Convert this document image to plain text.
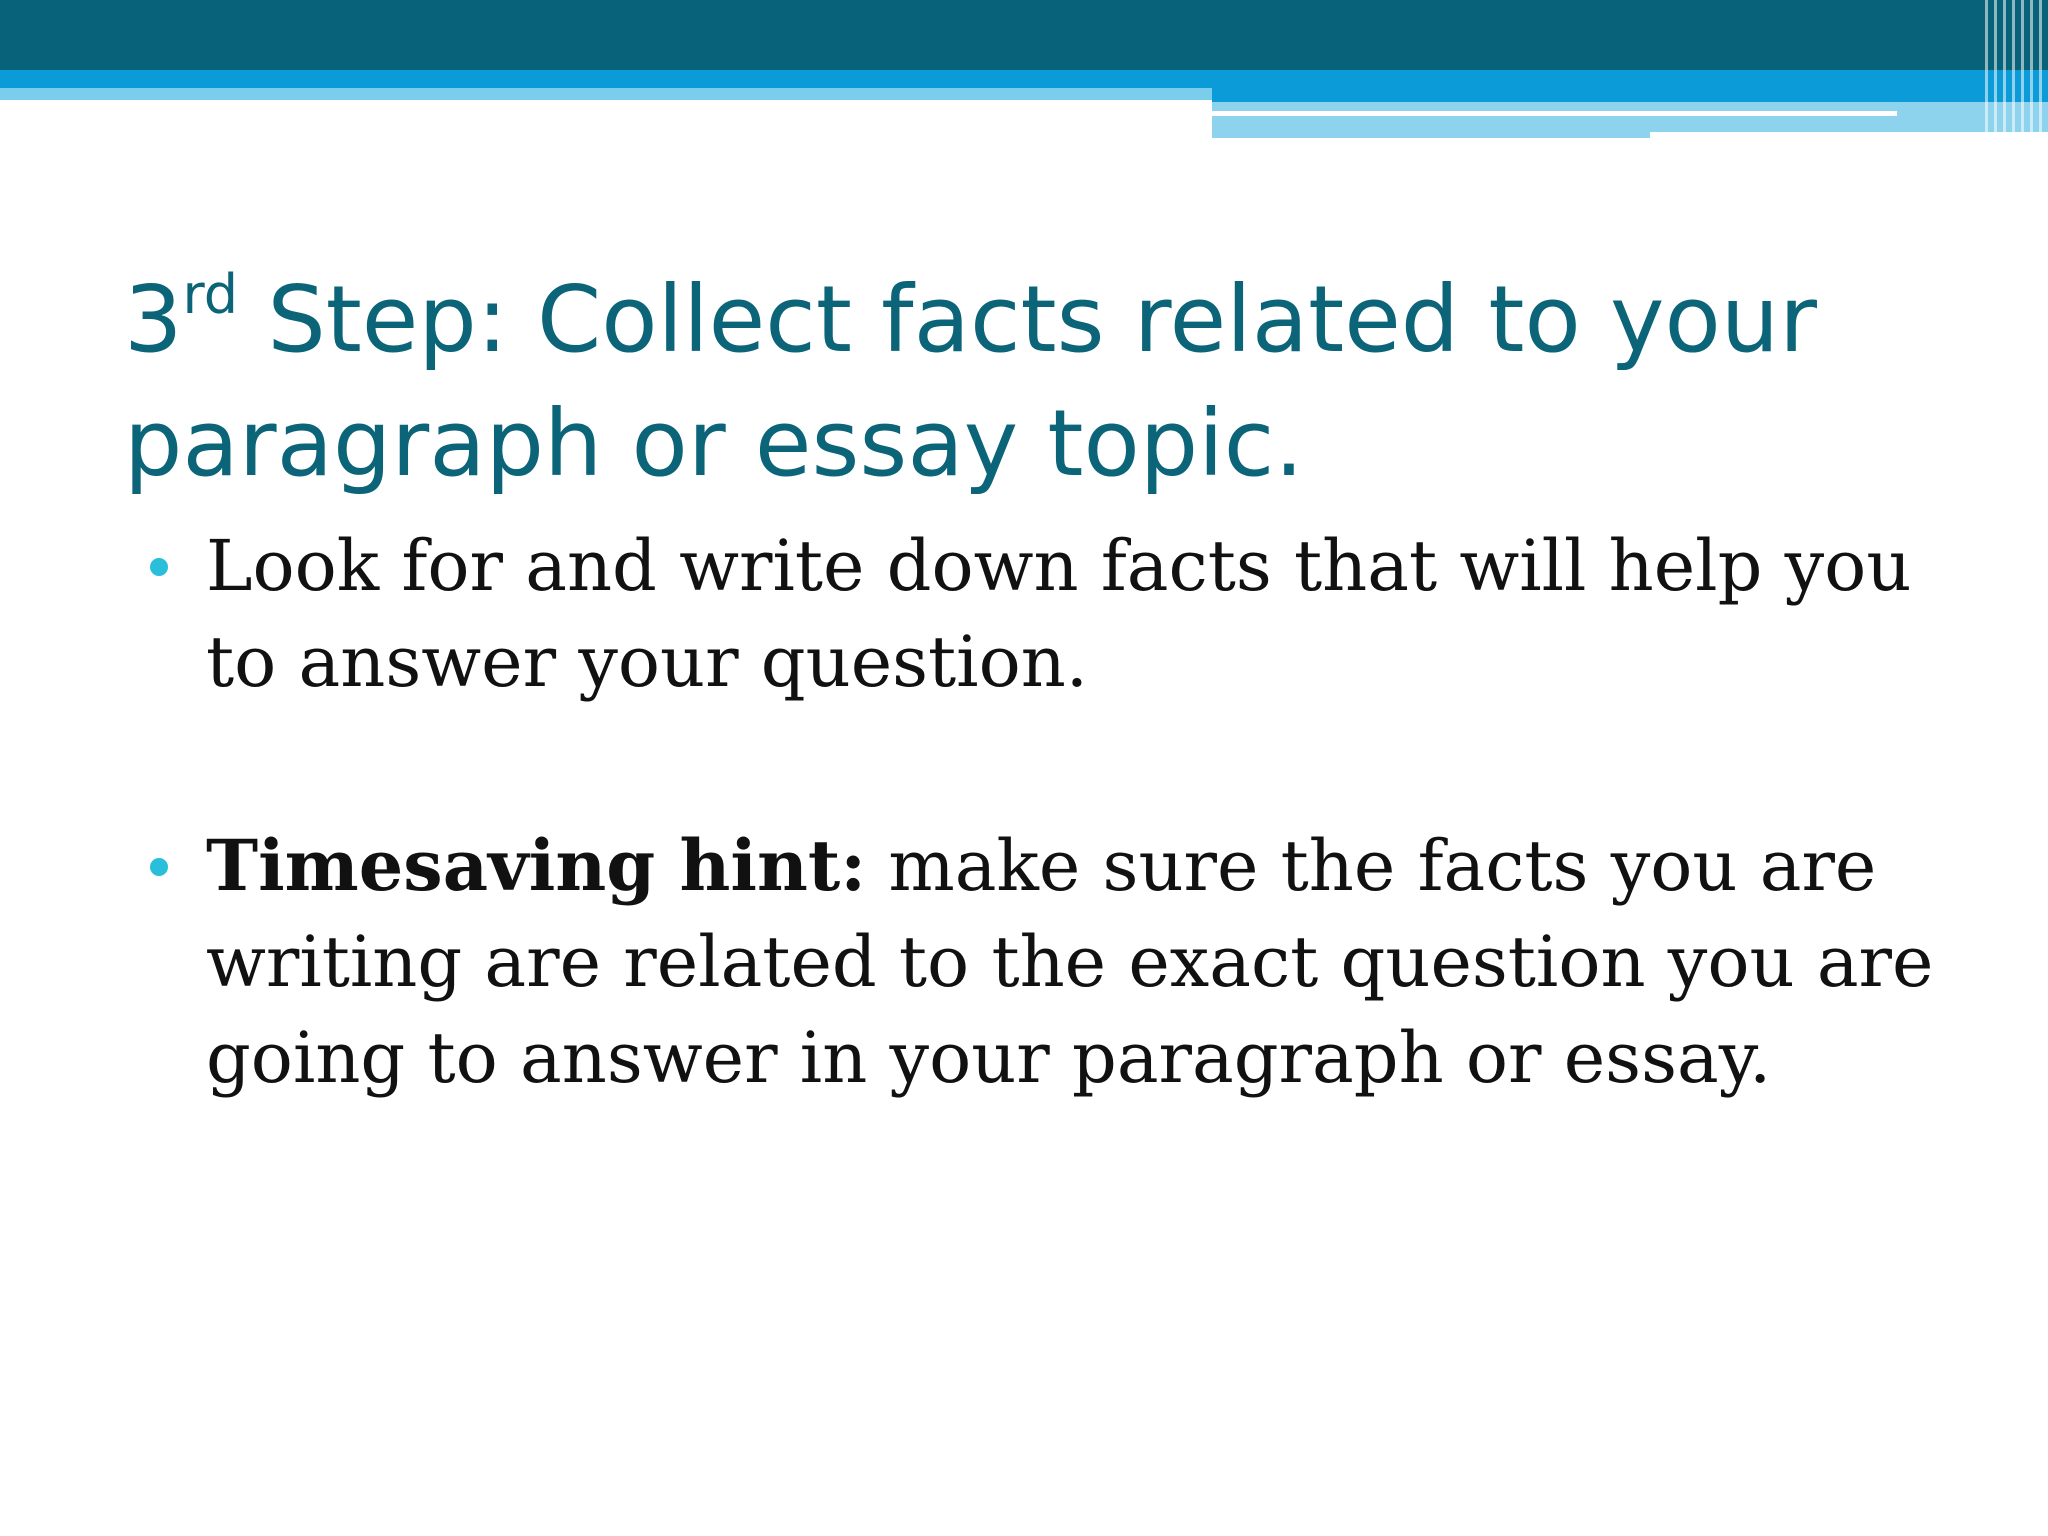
3rd Step: Collect facts related to your paragraph or essay topic.
Look for and write down facts that will help you to answer your question.
Timesaving hint: make sure the facts you are writing are related to the exact question you are going to answer in your paragraph or essay.
